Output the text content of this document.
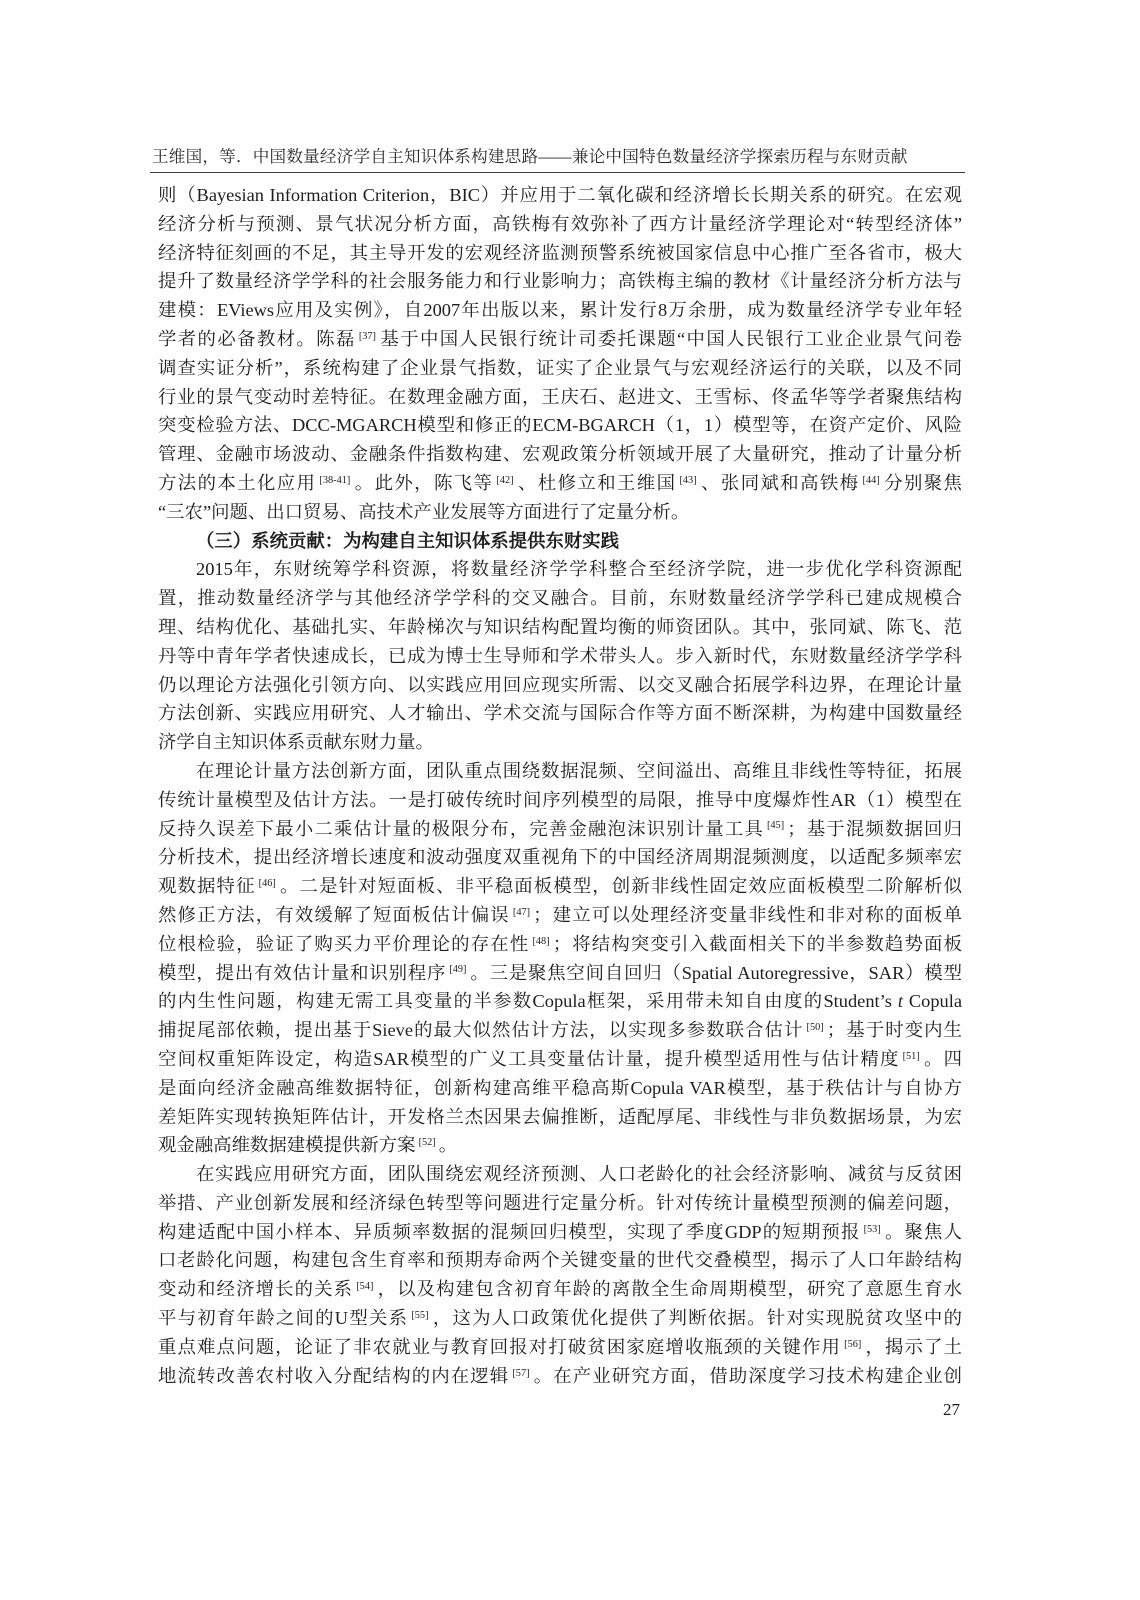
王维国，等．中国数量经济学自主知识体系构建思路——兼论中国特色数量经济学探索历程与东财贡献
则（Bayesian Information Criterion，BIC）并应用于二氧化碳和经济增长长期关系的研究。在宏观
经济分析与预测、景气状况分析方面，高铁梅有效弥补了西方计量经济学理论对“转型经济体”
经济特征刻画的不足，其主导开发的宏观经济监测预警系统被国家信息中心推广至各省市，极大
提升了数量经济学学科的社会服务能力和行业影响力；高铁梅主编的教材《计量经济分析方法与
建模：EViews应用及实例》，自2007年出版以来，累计发行8万余册，成为数量经济学专业年轻
学者的必备教材。陈磊 [37] 基于中国人民银行统计司委托课题“中国人民银行工业企业景气问卷
调查实证分析”，系统构建了企业景气指数，证实了企业景气与宏观经济运行的关联，以及不同
行业的景气变动时差特征。在数理金融方面，王庆石、赵进文、王雪标、佟孟华等学者聚焦结构
突变检验方法、DCC-MGARCH模型和修正的ECM-BGARCH（1，1）模型等，在资产定价、风险
管理、金融市场波动、金融条件指数构建、宏观政策分析领域开展了大量研究，推动了计量分析
方法的本土化应用 [38-41] 。此外，陈飞等 [42] 、杜修立和王维国 [43] 、张同斌和高铁梅 [44] 分别聚焦
“三农”问题、出口贸易、高技术产业发展等方面进行了定量分析。
（三）系统贡献：为构建自主知识体系提供东财实践
2015年，东财统筹学科资源，将数量经济学学科整合至经济学院，进一步优化学科资源配
置，推动数量经济学与其他经济学学科的交叉融合。目前，东财数量经济学学科已建成规模合
理、结构优化、基础扎实、年龄梯次与知识结构配置均衡的师资团队。其中，张同斌、陈飞、范
丹等中青年学者快速成长，已成为博士生导师和学术带头人。步入新时代，东财数量经济学学科
仍以理论方法强化引领方向、以实践应用回应现实所需、以交叉融合拓展学科边界，在理论计量
方法创新、实践应用研究、人才输出、学术交流与国际合作等方面不断深耕，为构建中国数量经
济学自主知识体系贡献东财力量。
在理论计量方法创新方面，团队重点围绕数据混频、空间溢出、高维且非线性等特征，拓展
传统计量模型及估计方法。一是打破传统时间序列模型的局限，推导中度爆炸性AR（1）模型在
反持久误差下最小二乘估计量的极限分布，完善金融泡沫识别计量工具 [45] ；基于混频数据回归
分析技术，提出经济增长速度和波动强度双重视角下的中国经济周期混频测度，以适配多频率宏
观数据特征 [46] 。二是针对短面板、非平稳面板模型，创新非线性固定效应面板模型二阶解析似
然修正方法，有效缓解了短面板估计偏误 [47] ；建立可以处理经济变量非线性和非对称的面板单
位根检验，验证了购买力平价理论的存在性 [48] ；将结构突变引入截面相关下的半参数趋势面板
模型，提出有效估计量和识别程序 [49] 。三是聚焦空间自回归（Spatial Autoregressive，SAR）模型
的内生性问题，构建无需工具变量的半参数Copula框架，采用带未知自由度的Student’s t Copula
捕捉尾部依赖，提出基于Sieve的最大似然估计方法，以实现多参数联合估计 [50] ；基于时变内生
空间权重矩阵设定，构造SAR模型的广义工具变量估计量，提升模型适用性与估计精度 [51] 。四
是面向经济金融高维数据特征，创新构建高维平稳高斯Copula VAR模型，基于秩估计与自协方
差矩阵实现转换矩阵估计，开发格兰杰因果去偏推断，适配厚尾、非线性与非负数据场景，为宏
观金融高维数据建模提供新方案 [52] 。
在实践应用研究方面，团队围绕宏观经济预测、人口老龄化的社会经济影响、减贫与反贫困
举措、产业创新发展和经济绿色转型等问题进行定量分析。针对传统计量模型预测的偏差问题，
构建适配中国小样本、异质频率数据的混频回归模型，实现了季度GDP的短期预报 [53] 。聚焦人
口老龄化问题，构建包含生育率和预期寿命两个关键变量的世代交叠模型，揭示了人口年龄结构
变动和经济增长的关系 [54] ，以及构建包含初育年龄的离散全生命周期模型，研究了意愿生育水
平与初育年龄之间的U型关系 [55] ，这为人口政策优化提供了判断依据。针对实现脱贫攻坚中的
重点难点问题，论证了非农就业与教育回报对打破贫困家庭增收瓶颈的关键作用 [56] ，揭示了土
地流转改善农村收入分配结构的内在逻辑 [57] 。在产业研究方面，借助深度学习技术构建企业创
27
